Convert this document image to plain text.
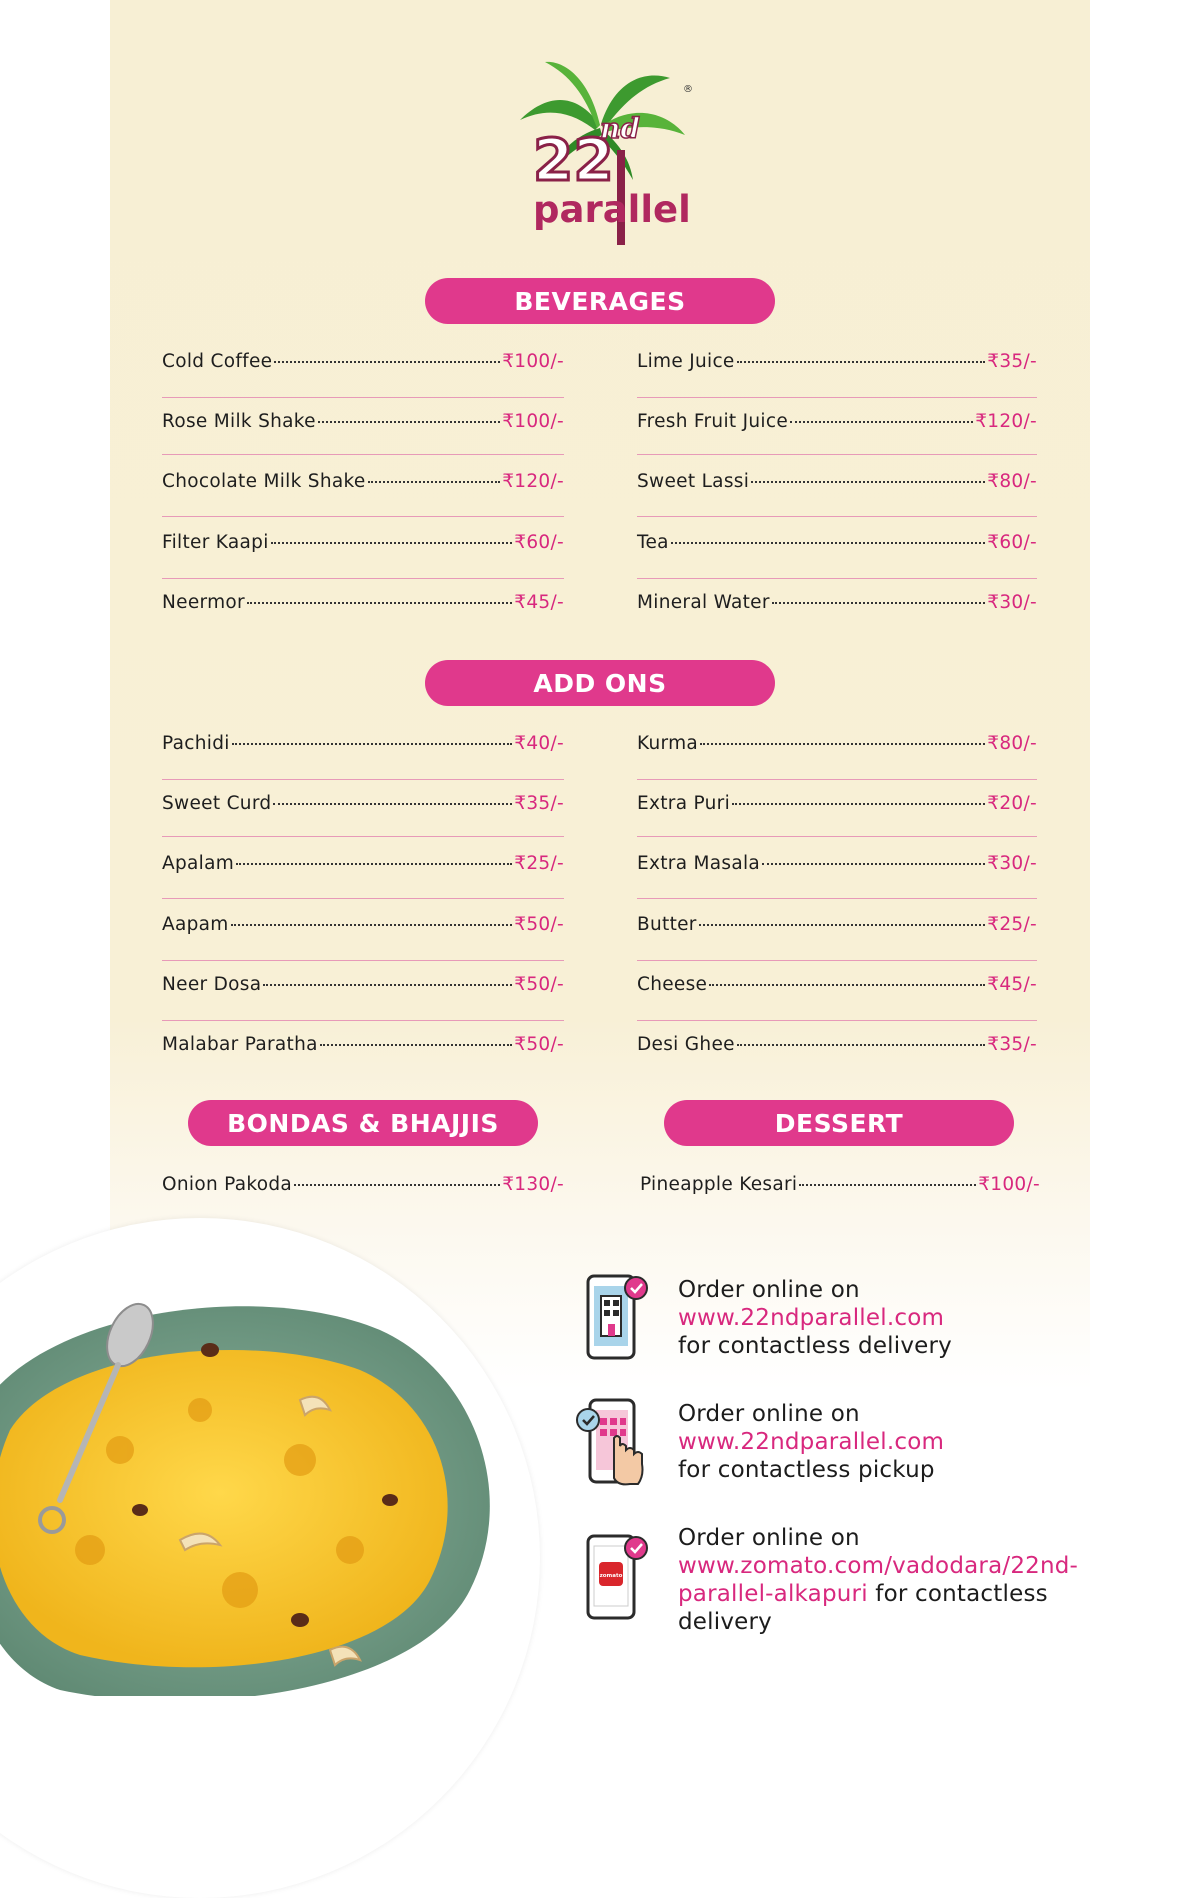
22
nd
®
parallel
BEVERAGES
ADD ONS
BONDAS & BHAJJIS	DESSERT
Cold Coffee	₹100/-
Rose Milk Shake	₹100/-
Chocolate Milk Shake	₹120/-
Filter Kaapi	₹60/-
Neermor	₹45/-
Lime Juice	₹35/-
Fresh Fruit Juice	₹120/-
Sweet Lassi	₹80/-
Tea	₹60/-
Mineral Water	₹30/-
Pachidi	₹40/-
Sweet Curd	₹35/-
Apalam	₹25/-
Aapam	₹50/-
Neer Dosa	₹50/-
Malabar Paratha	₹50/-
Kurma	₹80/-
Extra Puri	₹20/-
Extra Masala	₹30/-
Butter	₹25/-
Cheese	₹45/-
Desi Ghee	₹35/-
Onion Pakoda	₹130/-	Pineapple Kesari	₹100/-
Order online on
www.22ndparallel.com
for contactless delivery
Order online on
www.22ndparallel.com
for contactless pickup
zomato
Order online on
www.zomato.com/vadodara/22nd-
parallel-alkapuri for contactless
delivery
